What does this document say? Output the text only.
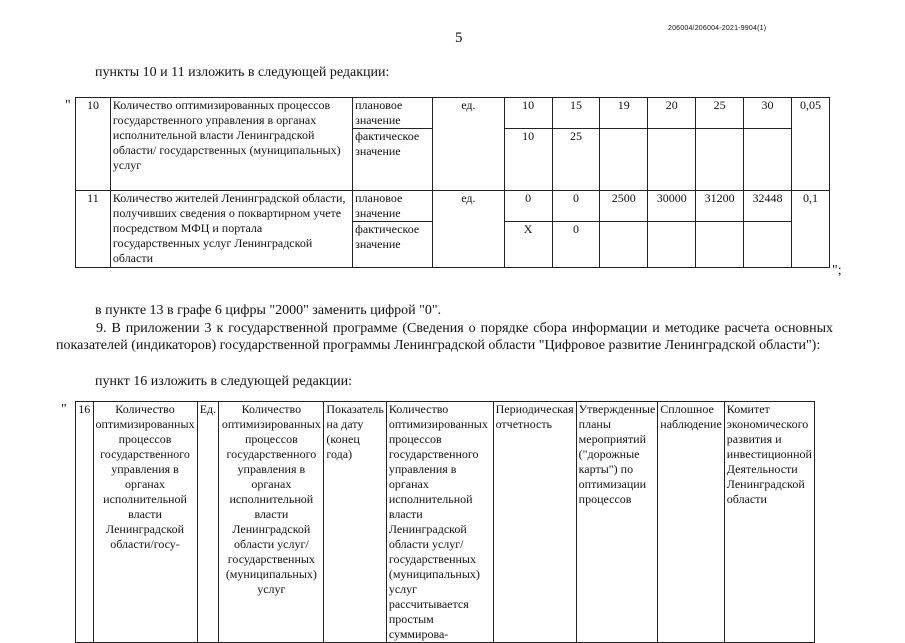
5
206004/206004-2021-9904(1)
пункты 10 и 11 изложить в следующей редакции:
" 10	Количество оптимизированных процессов государственного управления в органах исполнительной власти Ленинградской области/ государственных (муниципальных) услуг	плановое значение	ед.	10	15	19	20	25	30	0,05
		фактическое значение		10	25					
11	Количество жителей Ленинградской области, получивших сведения о поквартирном учете посредством МФЦ и портала государственных услуг Ленинградской области	плановое значение	ед.	0	0	2500	30000	31200	32448	0,1
		фактическое значение		Х	0					
";
в пункте 13 в графе 6 цифры "2000" заменить цифрой "0".
9. В приложении 3 к государственной программе (Сведения о порядке сбора информации и методике расчета основных показателей (индикаторов) государственной программы Ленинградской области "Цифровое развитие Ленинградской области"):
пункт 16 изложить в следующей редакции:
" 16	Количество оптимизированных процессов государственного управления в органах исполнительной власти Ленинградской области/госу-	Ед.	Количество оптимизированных процессов государственного управления в органах исполнительной власти Ленинградской области услуг/государственных (муниципальных) услуг	Показатель на дату (конец года)	Количество оптимизированных процессов государственного управления в органах исполнительной власти Ленинградской области услуг/государственных (муниципальных) услуг рассчитывается простым суммирова-	Периодическая отчетность	Утвержденные планы мероприятий ("дорожные карты") по оптимизации процессов	Сплошное наблюдение	Комитет экономического развития и инвестиционной Деятельности Ленинградской области
